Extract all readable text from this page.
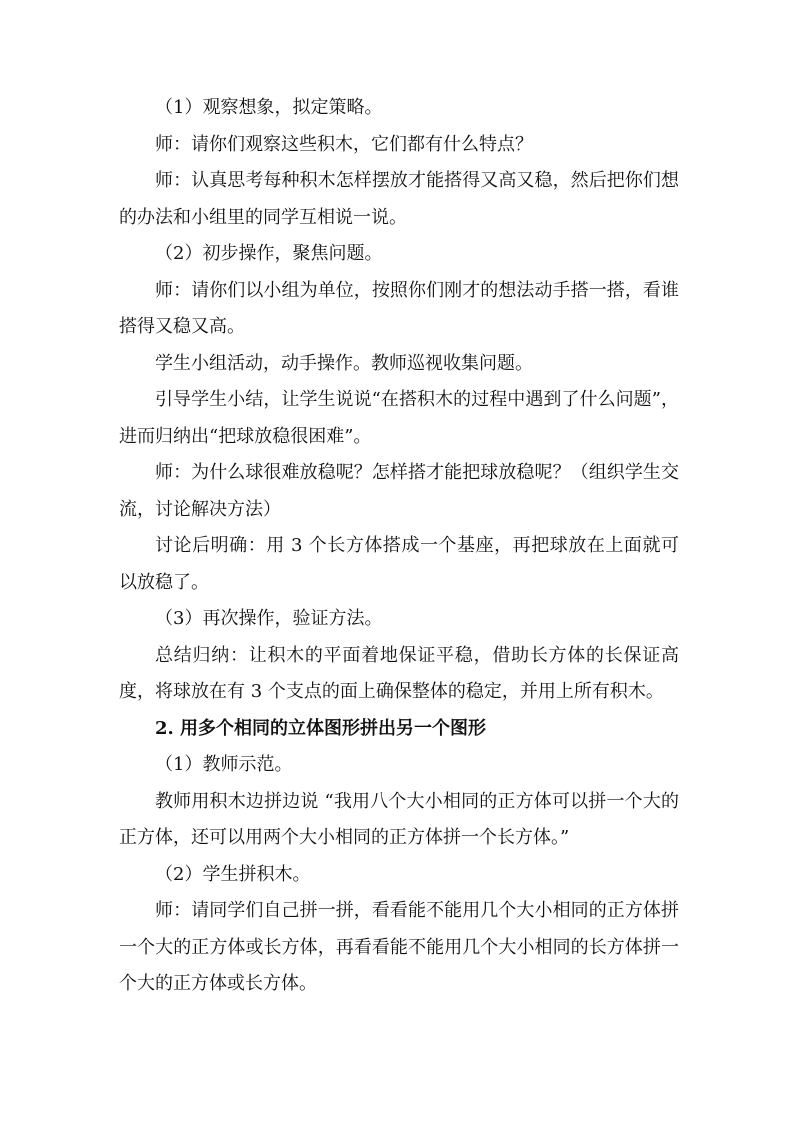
（1）观察想象，拟定策略。

师：请你们观察这些积木，它们都有什么特点？

师：认真思考每种积木怎样摆放才能搭得又高又稳，然后把你们想的办法和小组里的同学互相说一说。

（2）初步操作，聚焦问题。

师：请你们以小组为单位，按照你们刚才的想法动手搭一搭，看谁搭得又稳又高。

学生小组活动，动手操作。教师巡视收集问题。

引导学生小结，让学生说说“在搭积木的过程中遇到了什么问题”，进而归纳出“把球放稳很困难”。

师：为什么球很难放稳呢？怎样搭才能把球放稳呢？（组织学生交流，讨论解决方法）

讨论后明确：用 3 个长方体搭成一个基座，再把球放在上面就可以放稳了。

（3）再次操作，验证方法。

总结归纳：让积木的平面着地保证平稳，借助长方体的长保证高度，将球放在有 3 个支点的面上确保整体的稳定，并用上所有积木。

2. 用多个相同的立体图形拼出另一个图形

（1）教师示范。

教师用积木边拼边说 “我用八个大小相同的正方体可以拼一个大的正方体，还可以用两个大小相同的正方体拼一个长方体。”

（2）学生拼积木。

师：请同学们自己拼一拼，看看能不能用几个大小相同的正方体拼一个大的正方体或长方体，再看看能不能用几个大小相同的长方体拼一个大的正方体或长方体。
